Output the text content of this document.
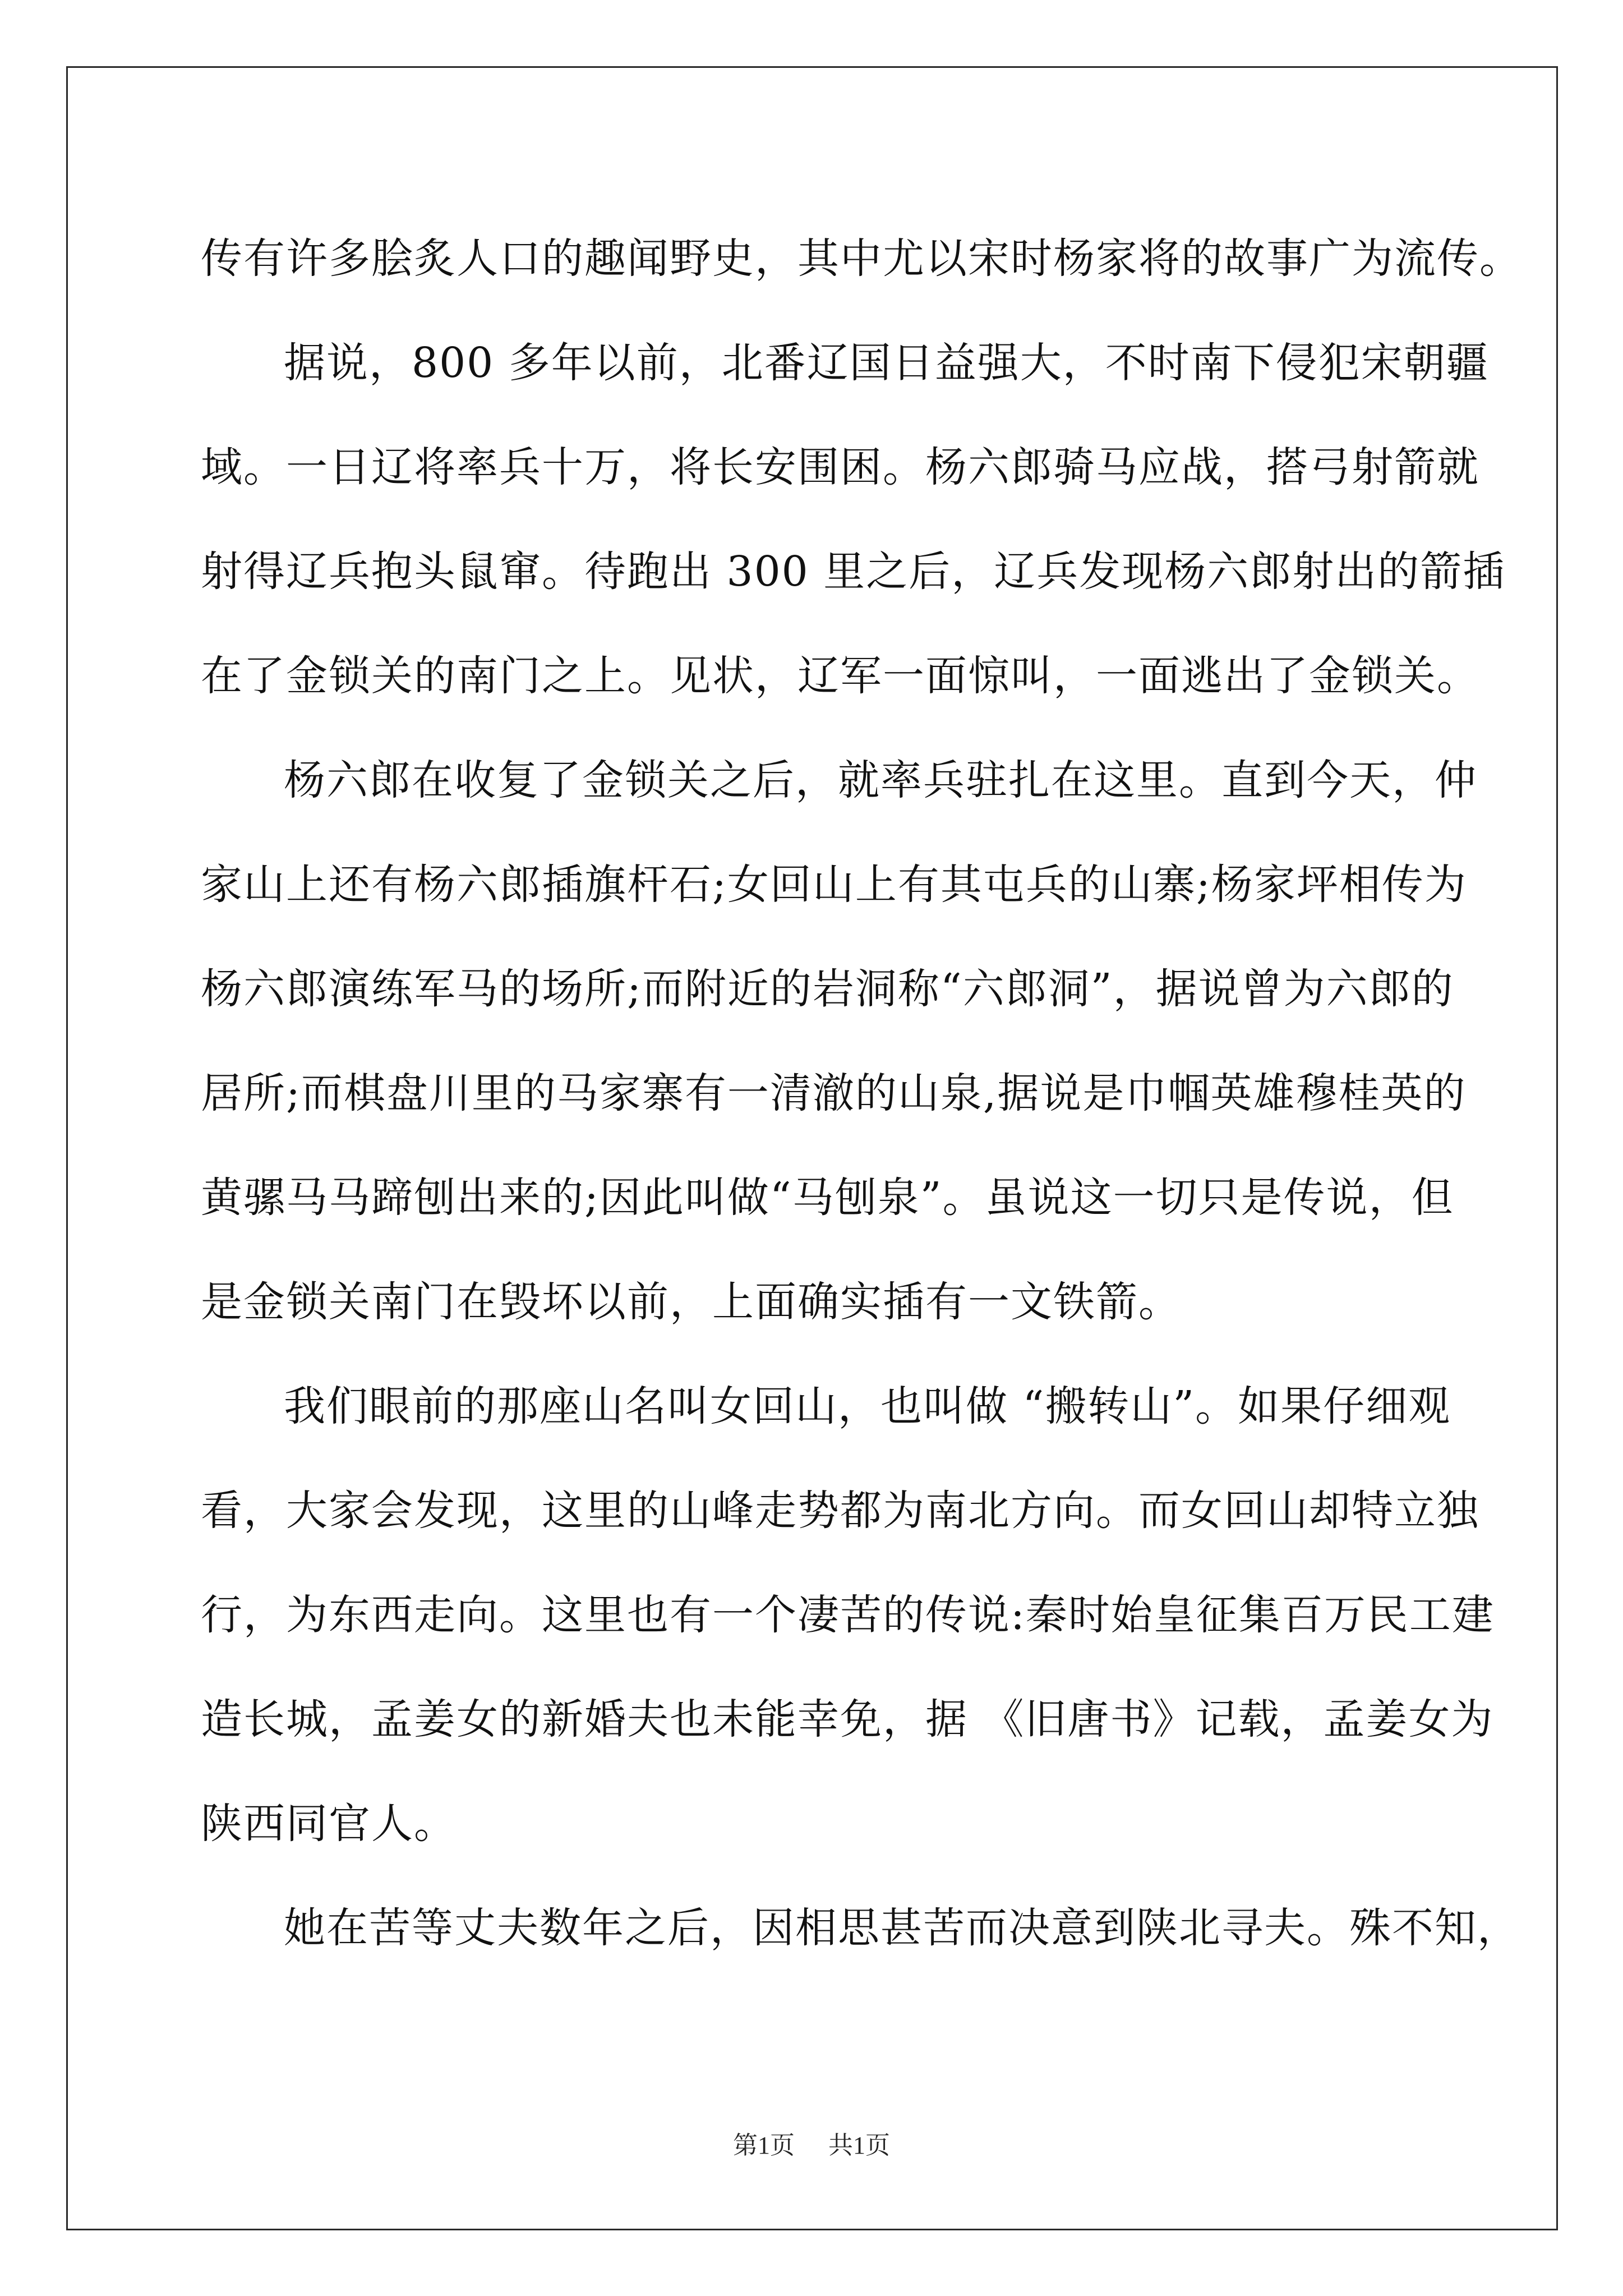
传有许多脍炙人口的趣闻野史，其中尤以宋时杨家将的故事广为流传。
据说，800 多年以前，北番辽国日益强大，不时南下侵犯宋朝疆
域。一日辽将率兵十万，将长安围困。杨六郎骑马应战，搭弓射箭就
射得辽兵抱头鼠窜。待跑出 300 里之后，辽兵发现杨六郎射出的箭插
在了金锁关的南门之上。见状，辽军一面惊叫，一面逃出了金锁关。
杨六郎在收复了金锁关之后，就率兵驻扎在这里。直到今天，仲
家山上还有杨六郎插旗杆石;女回山上有其屯兵的山寨;杨家坪相传为
杨六郎演练军马的场所;而附近的岩洞称“六郎洞”，据说曾为六郎的
居所;而棋盘川里的马家寨有一清澈的山泉,据说是巾帼英雄穆桂英的
黄骡马马蹄刨出来的;因此叫做“马刨泉”。虽说这一切只是传说，但
是金锁关南门在毁坏以前，上面确实插有一文铁箭。
我们眼前的那座山名叫女回山，也叫做 “搬转山”。如果仔细观
看，大家会发现，这里的山峰走势都为南北方向。而女回山却特立独
行，为东西走向。这里也有一个凄苦的传说:秦时始皇征集百万民工建
造长城，孟姜女的新婚夫也未能幸免，据 《旧唐书》记载，孟姜女为
陕西同官人。
她在苦等丈夫数年之后，因相思甚苦而决意到陕北寻夫。殊不知，
第1页 共1页
